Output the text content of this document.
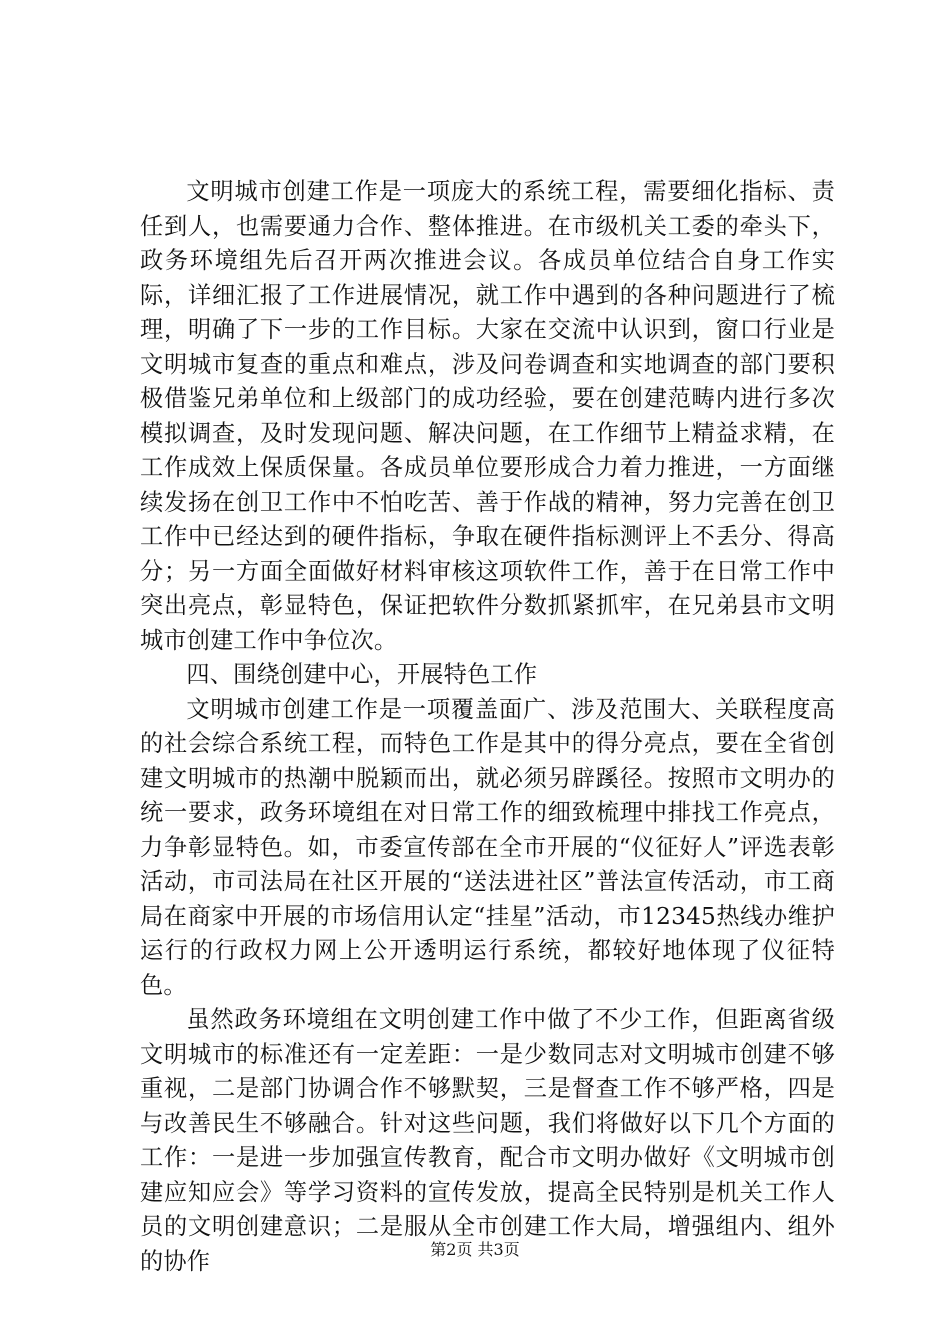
文明城市创建工作是一项庞大的系统工程，需要细化指标、责任到人，也需要通力合作、整体推进。在市级机关工委的牵头下，政务环境组先后召开两次推进会议。各成员单位结合自身工作实际，详细汇报了工作进展情况，就工作中遇到的各种问题进行了梳理，明确了下一步的工作目标。大家在交流中认识到，窗口行业是文明城市复查的重点和难点，涉及问卷调查和实地调查的部门要积极借鉴兄弟单位和上级部门的成功经验，要在创建范畴内进行多次模拟调查，及时发现问题、解决问题，在工作细节上精益求精，在工作成效上保质保量。各成员单位要形成合力着力推进，一方面继续发扬在创卫工作中不怕吃苦、善于作战的精神，努力完善在创卫工作中已经达到的硬件指标，争取在硬件指标测评上不丢分、得高分；另一方面全面做好材料审核这项软件工作，善于在日常工作中突出亮点，彰显特色，保证把软件分数抓紧抓牢，在兄弟县市文明城市创建工作中争位次。

四、围绕创建中心，开展特色工作

文明城市创建工作是一项覆盖面广、涉及范围大、关联程度高的社会综合系统工程，而特色工作是其中的得分亮点，要在全省创建文明城市的热潮中脱颖而出，就必须另辟蹊径。按照市文明办的统一要求，政务环境组在对日常工作的细致梳理中排找工作亮点，力争彰显特色。如，市委宣传部在全市开展的“仪征好人”评选表彰活动，市司法局在社区开展的“送法进社区”普法宣传活动，市工商局在商家中开展的市场信用认定“挂星”活动，市12345热线办维护运行的行政权力网上公开透明运行系统，都较好地体现了仪征特色。

虽然政务环境组在文明创建工作中做了不少工作，但距离省级文明城市的标准还有一定差距：一是少数同志对文明城市创建不够重视，二是部门协调合作不够默契，三是督查工作不够严格，四是与改善民生不够融合。针对这些问题，我们将做好以下几个方面的工作：一是进一步加强宣传教育，配合市文明办做好《文明城市创建应知应会》等学习资料的宣传发放，提高全民特别是机关工作人员的文明创建意识；二是服从全市创建工作大局，增强组内、组外的协作	第2页 共3页
